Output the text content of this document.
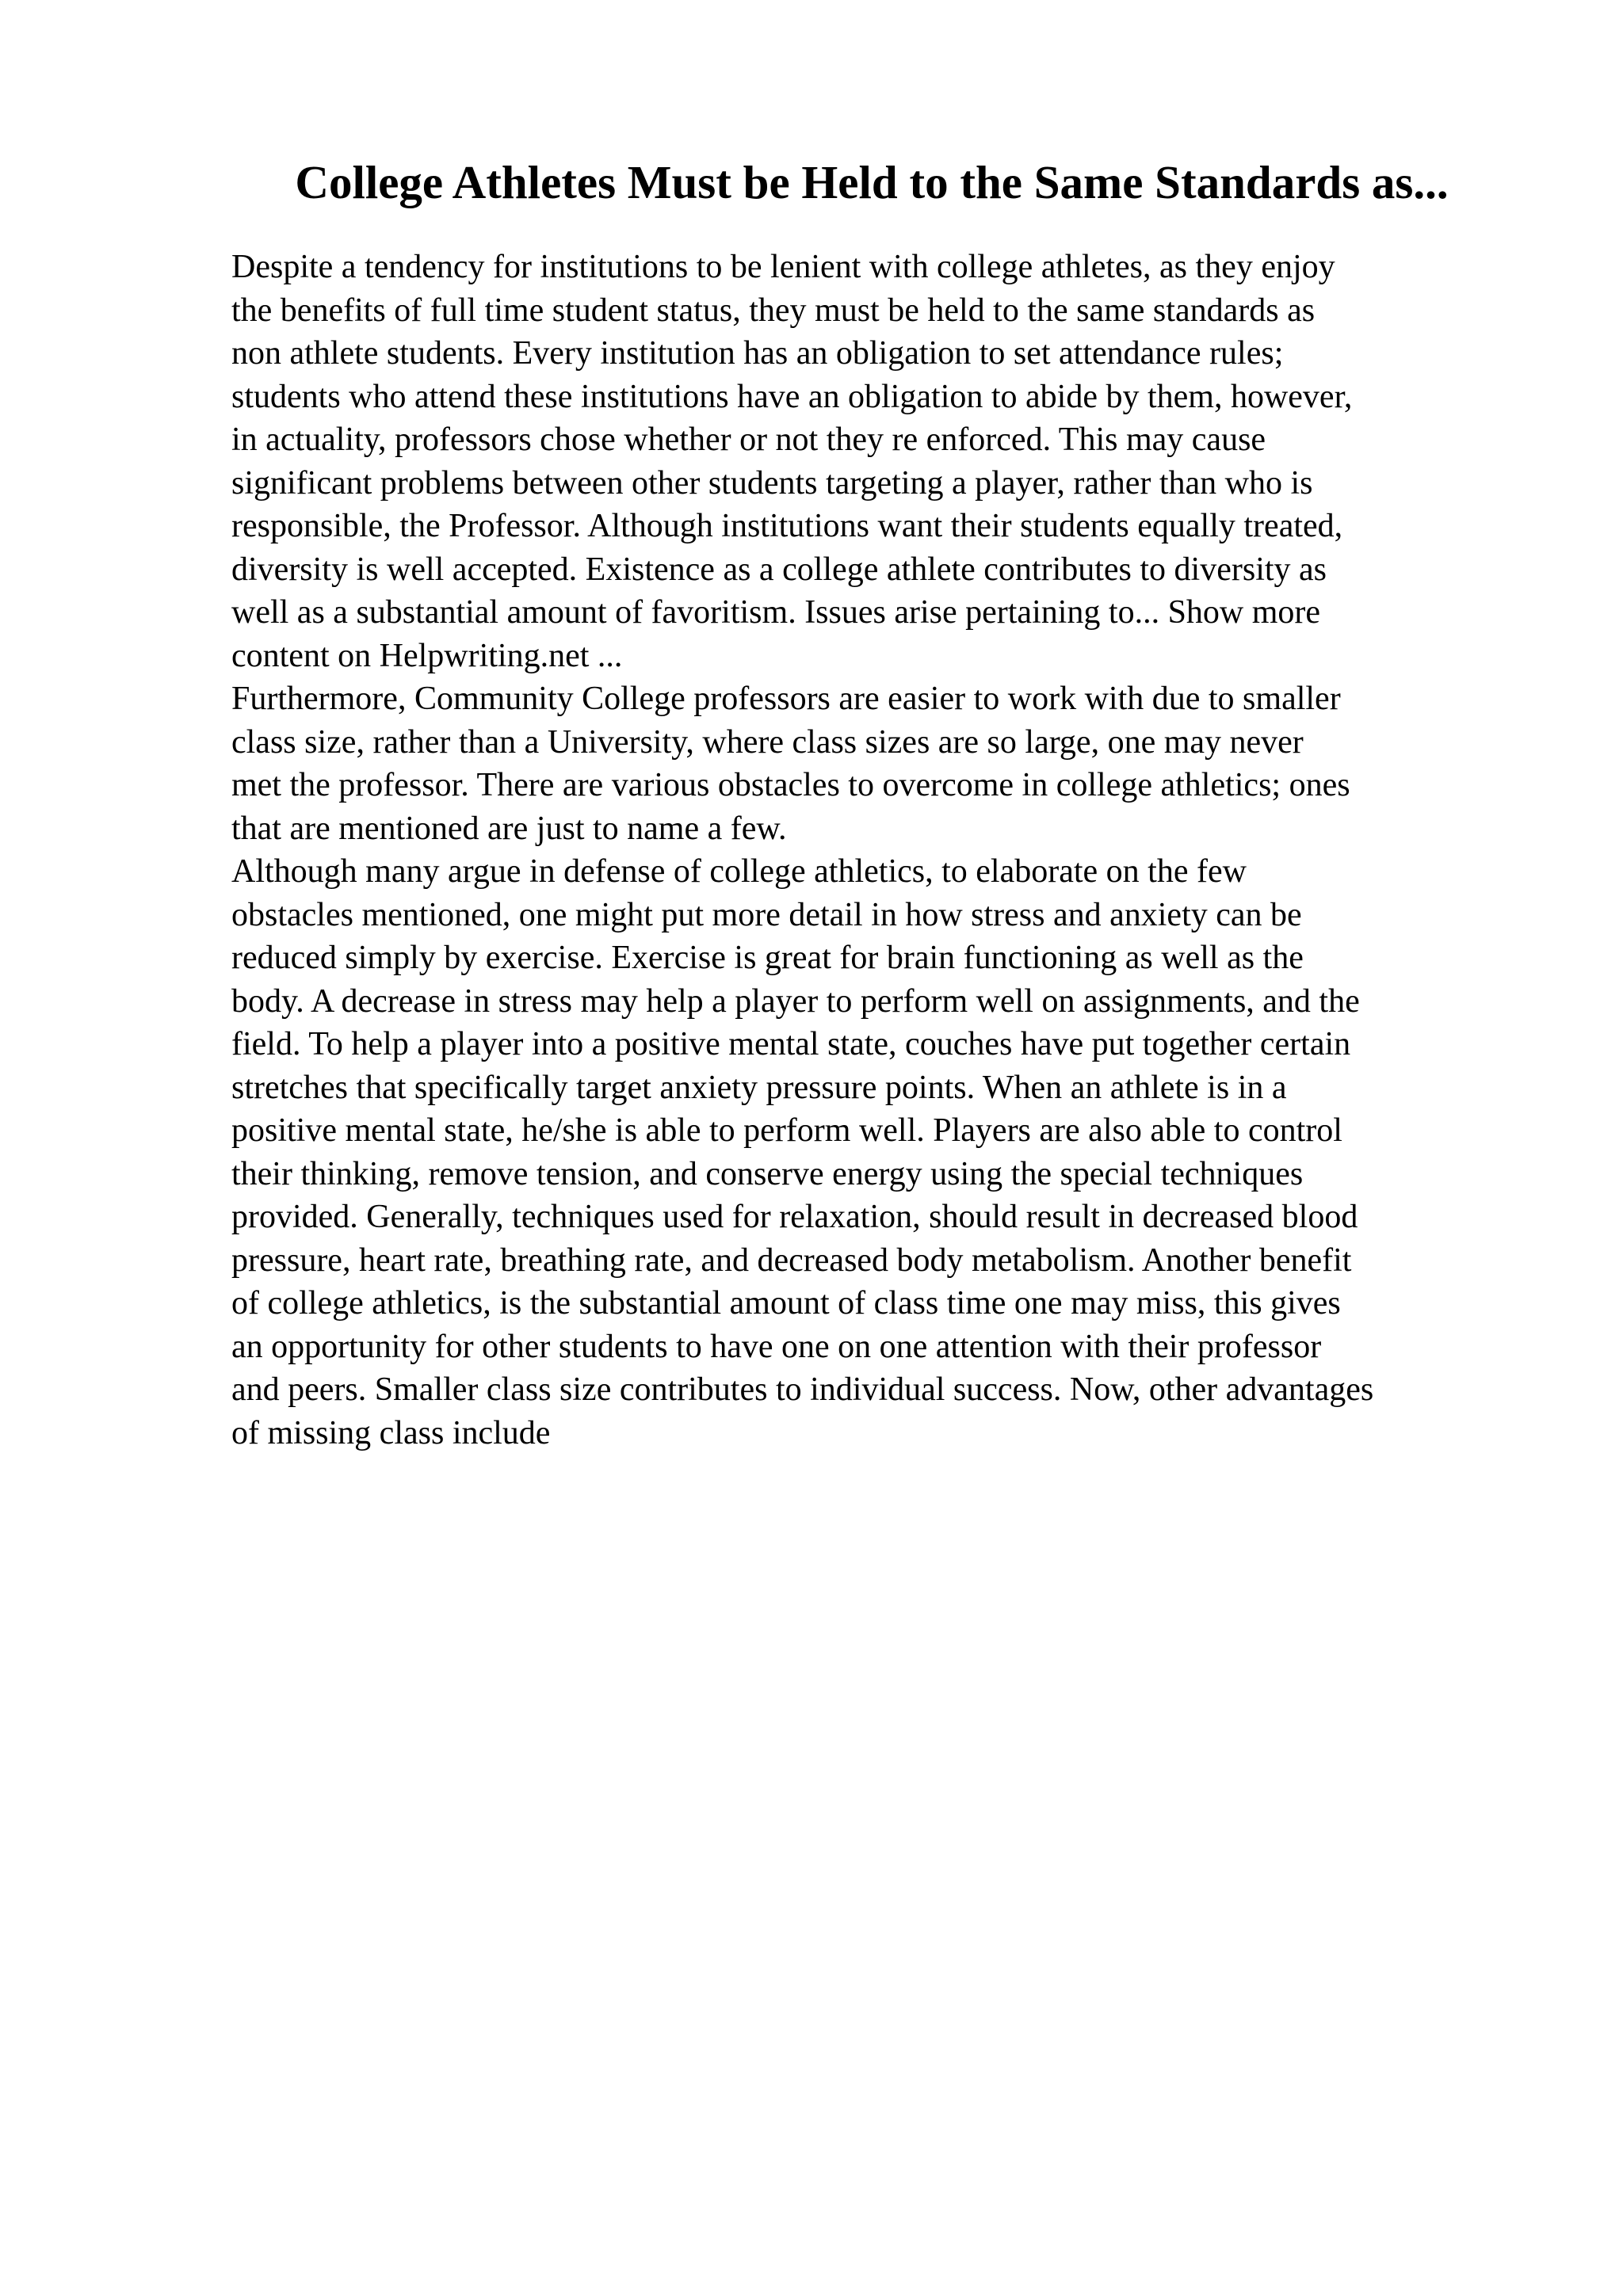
College Athletes Must be Held to the Same Standards as...
Despite a tendency for institutions to be lenient with college athletes, as they enjoy
the benefits of full time student status, they must be held to the same standards as
non athlete students. Every institution has an obligation to set attendance rules;
students who attend these institutions have an obligation to abide by them, however,
in actuality, professors chose whether or not they re enforced. This may cause
significant problems between other students targeting a player, rather than who is
responsible, the Professor. Although institutions want their students equally treated,
diversity is well accepted. Existence as a college athlete contributes to diversity as
well as a substantial amount of favoritism. Issues arise pertaining to... Show more
content on Helpwriting.net ...
Furthermore, Community College professors are easier to work with due to smaller
class size, rather than a University, where class sizes are so large, one may never
met the professor. There are various obstacles to overcome in college athletics; ones
that are mentioned are just to name a few.
Although many argue in defense of college athletics, to elaborate on the few
obstacles mentioned, one might put more detail in how stress and anxiety can be
reduced simply by exercise. Exercise is great for brain functioning as well as the
body. A decrease in stress may help a player to perform well on assignments, and the
field. To help a player into a positive mental state, couches have put together certain
stretches that specifically target anxiety pressure points. When an athlete is in a
positive mental state, he/she is able to perform well. Players are also able to control
their thinking, remove tension, and conserve energy using the special techniques
provided. Generally, techniques used for relaxation, should result in decreased blood
pressure, heart rate, breathing rate, and decreased body metabolism. Another benefit
of college athletics, is the substantial amount of class time one may miss, this gives
an opportunity for other students to have one on one attention with their professor
and peers. Smaller class size contributes to individual success. Now, other advantages
of missing class include
